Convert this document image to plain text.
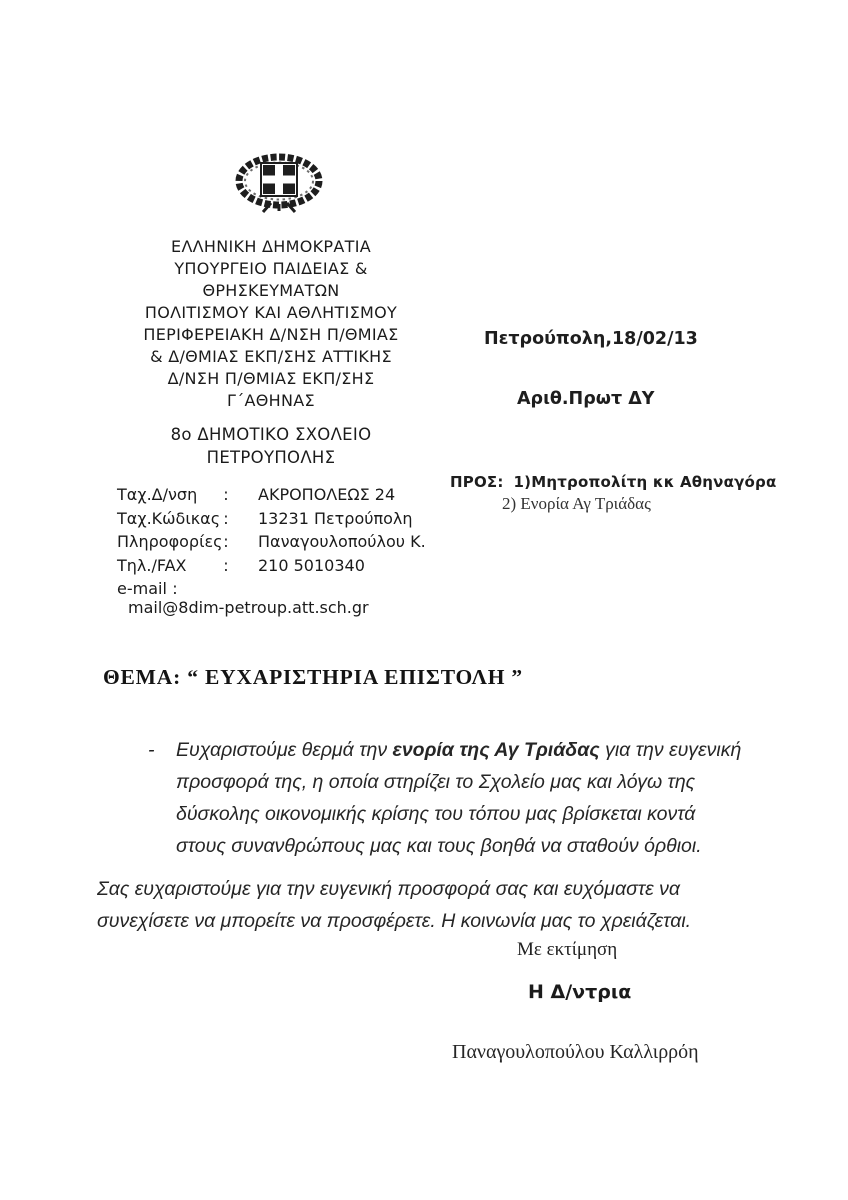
ΕΛΛΗΝΙΚΗ ΔΗΜΟΚΡΑΤΙΑ
ΥΠΟΥΡΓΕΙΟ ΠΑΙΔΕΙΑΣ &
ΘΡΗΣΚΕΥΜΑΤΩΝ
ΠΟΛΙΤΙΣΜΟΥ ΚΑΙ ΑΘΛΗΤΙΣΜΟΥ
ΠΕΡΙΦΕΡΕΙΑΚΗ Δ/ΝΣΗ Π/ΘΜΙΑΣ
& Δ/ΘΜΙΑΣ ΕΚΠ/ΣΗΣ ΑΤΤΙΚΗΣ
Δ/ΝΣΗ Π/ΘΜΙΑΣ ΕΚΠ/ΣΗΣ
Γ΄ΑΘΗΝΑΣ
8ο ΔΗΜΟΤΙΚΟ ΣΧΟΛΕΙΟ
ΠΕΤΡΟΥΠΟΛΗΣ
Ταχ.Δ/νση	:	ΑΚΡΟΠΟΛΕΩΣ 24
Ταχ.Κώδικας :	13231 Πετρούπολη
Πληροφορίες :	Παναγουλοπούλου Κ.
Τηλ./FAX	:	210 5010340
e-mail :
mail@8dim-petroup.att.sch.gr
Πετρούπολη,18/02/13
Αριθ.Πρωτ ΔΥ
ΠΡΟΣ: 1)Μητροπολίτη κκ Αθηναγόρα
2) Ενορία Αγ Τριάδας
ΘΕΜΑ: “ ΕΥΧΑΡΙΣΤΗΡΙΑ ΕΠΙΣΤΟΛΗ ”
- Ευχαριστούμε θερμά την ενορία της Αγ Τριάδας για την ευγενική
προσφορά της, η οποία στηρίζει το Σχολείο μας και λόγω της
δύσκολης οικονομικής κρίσης του τόπου μας βρίσκεται κοντά
στους συνανθρώπους μας και τους βοηθά να σταθούν όρθιοι.
Σας ευχαριστούμε για την ευγενική προσφορά σας και ευχόμαστε να
συνεχίσετε να μπορείτε να προσφέρετε. Η κοινωνία μας το χρειάζεται.
Με εκτίμηση
Η Δ/ντρια
Παναγουλοπούλου Καλλιρρόη
